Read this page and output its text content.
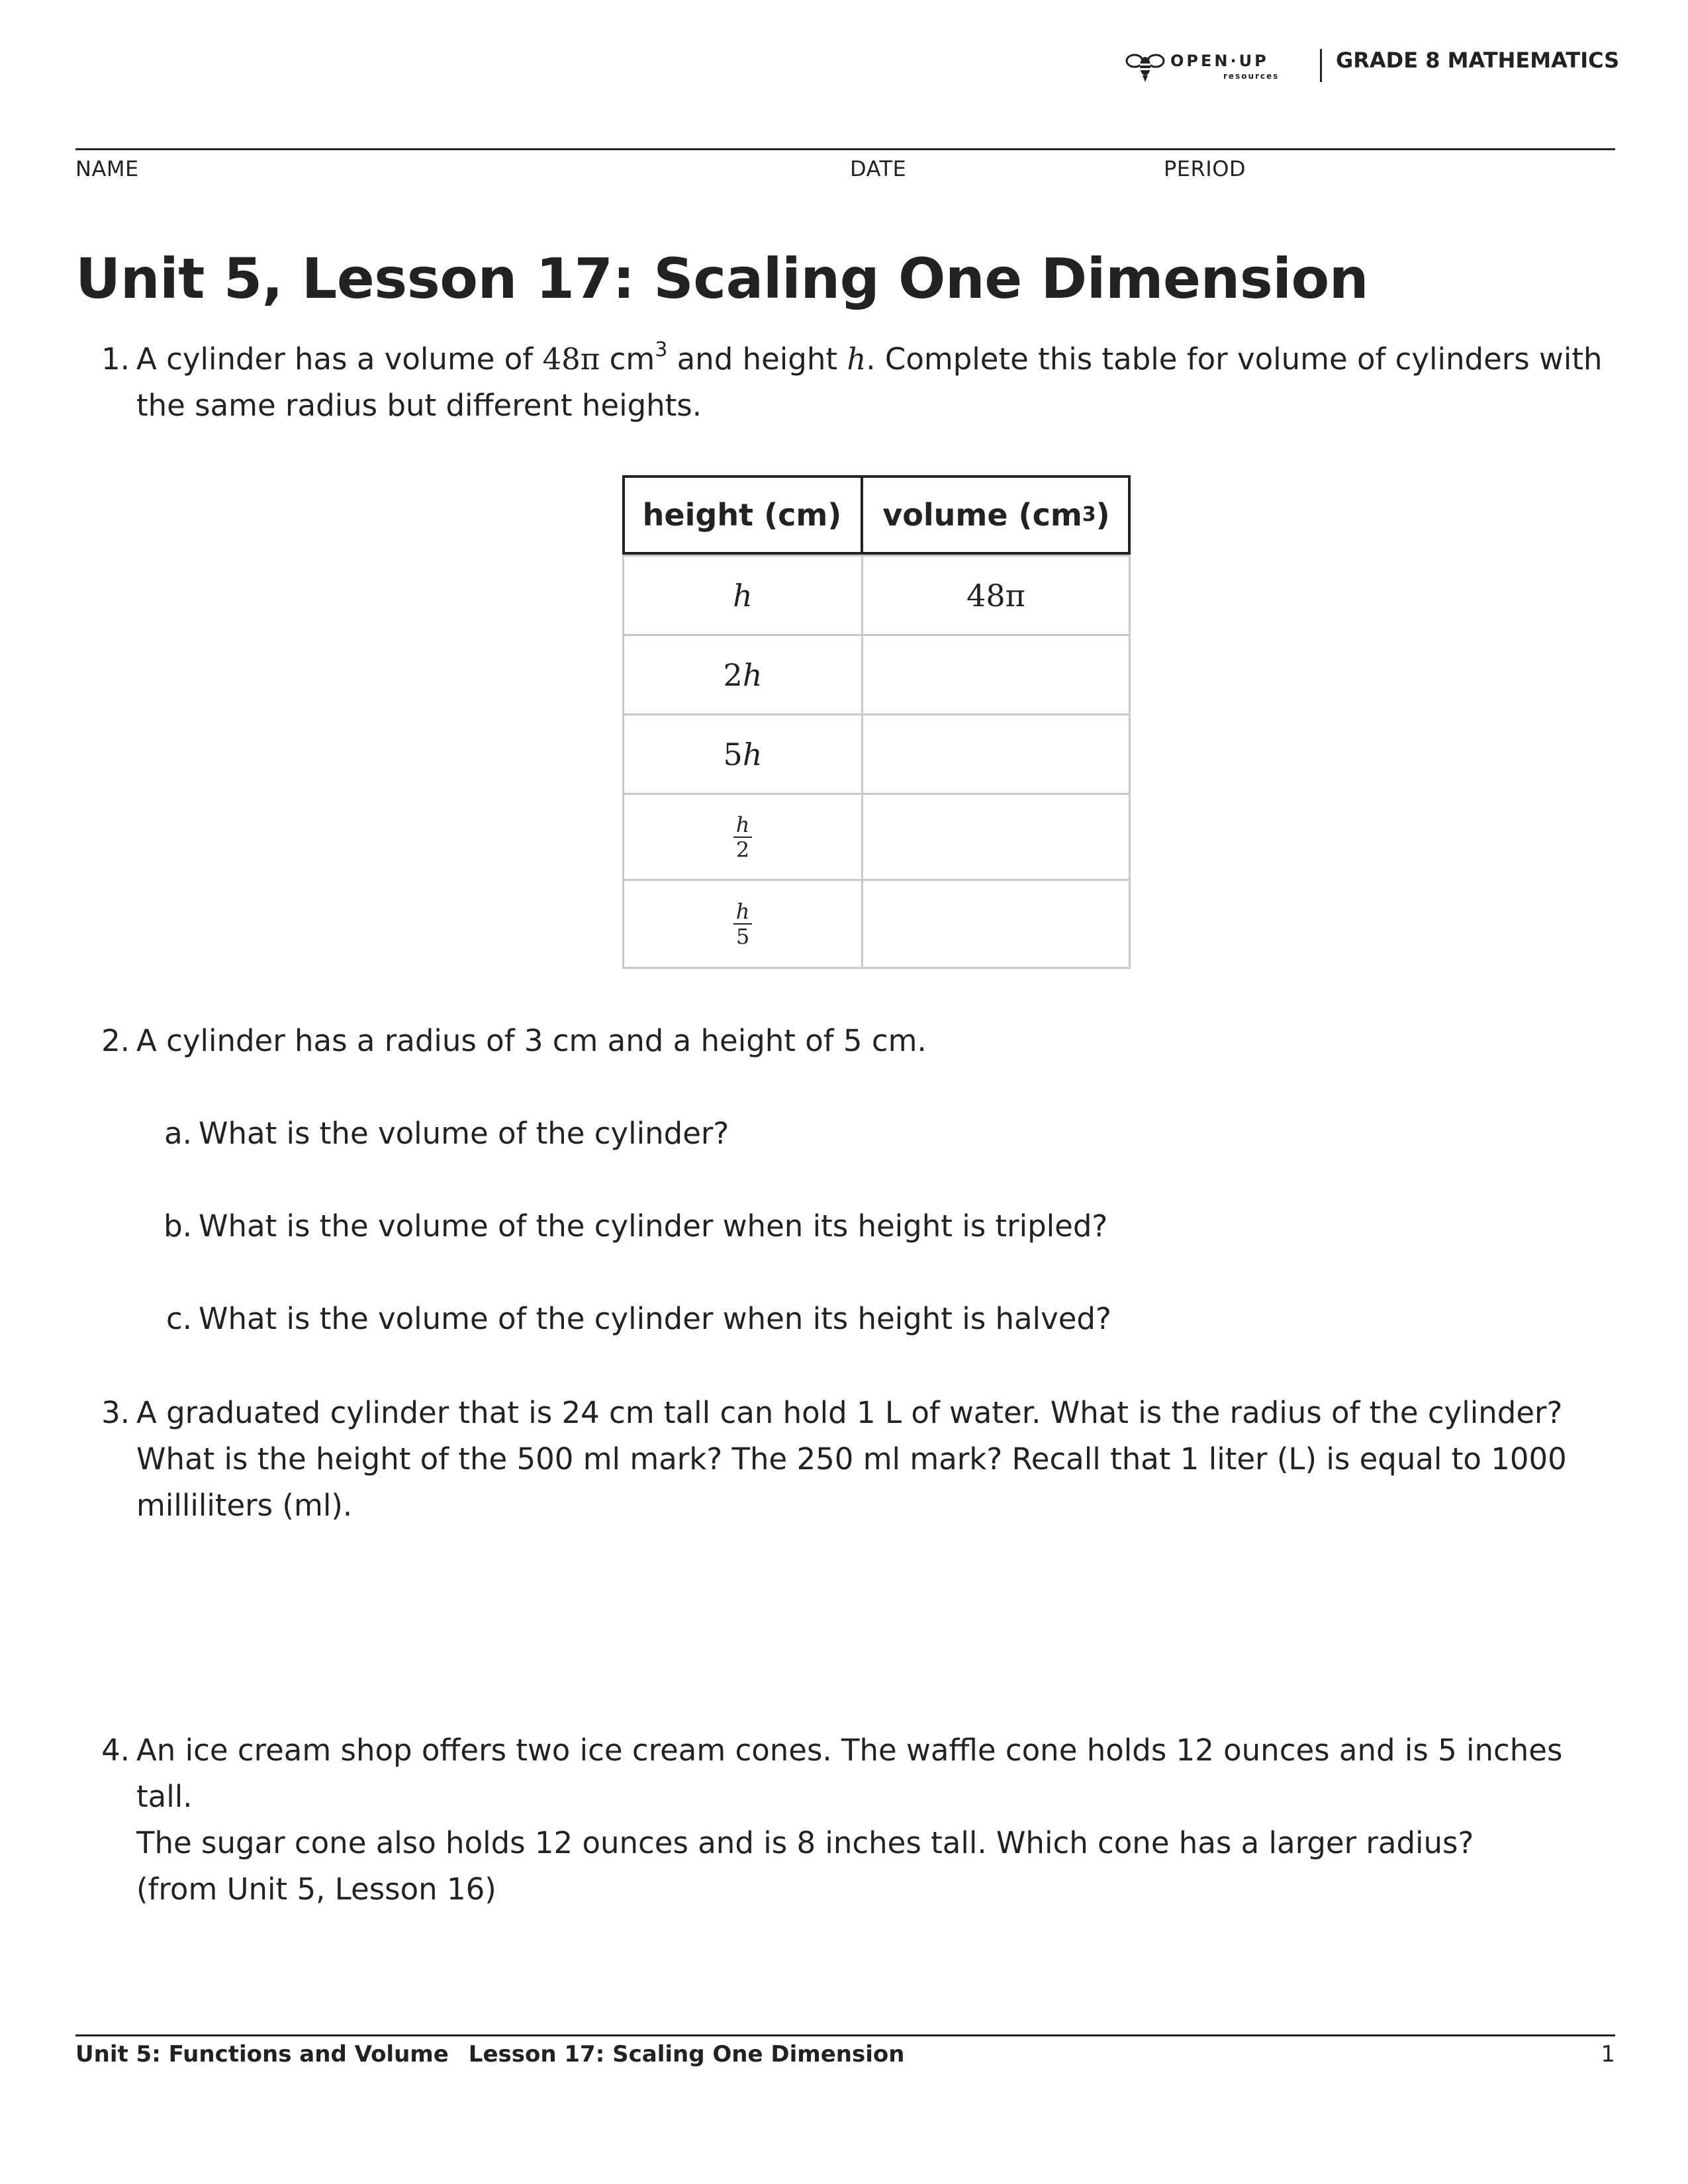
OPEN·UP
resources
GRADE 8 MATHEMATICS
NAME	DATE	PERIOD
Unit 5, Lesson 17: Scaling One Dimension
1. A cylinder has a volume of 48π $cm^3$ and height h. Complete this table for volume of cylinders with the same radius but different heights.
height (cm)	volume (cm 3 )
h	48π
2 h
5 h
$\frac{h}{2}$
$\frac{h}{5}$
2. A cylinder has a radius of 3 cm and a height of 5 cm.
a. What is the volume of the cylinder?
b. What is the volume of the cylinder when its height is tripled?
c. What is the volume of the cylinder when its height is halved?
3. A graduated cylinder that is 24 cm tall can hold 1 L of water. What is the radius of the cylinder? What is the height of the 500 ml mark? The 250 ml mark? Recall that 1 liter (L) is equal to 1000 milliliters (ml).
4. An ice cream shop offers two ice cream cones. The waffle cone holds 12 ounces and is 5 inches tall.
The sugar cone also holds 12 ounces and is 8 inches tall. Which cone has a larger radius?
(from Unit 5, Lesson 16)
Unit 5: Functions and Volume Lesson 17: Scaling One Dimension	1
